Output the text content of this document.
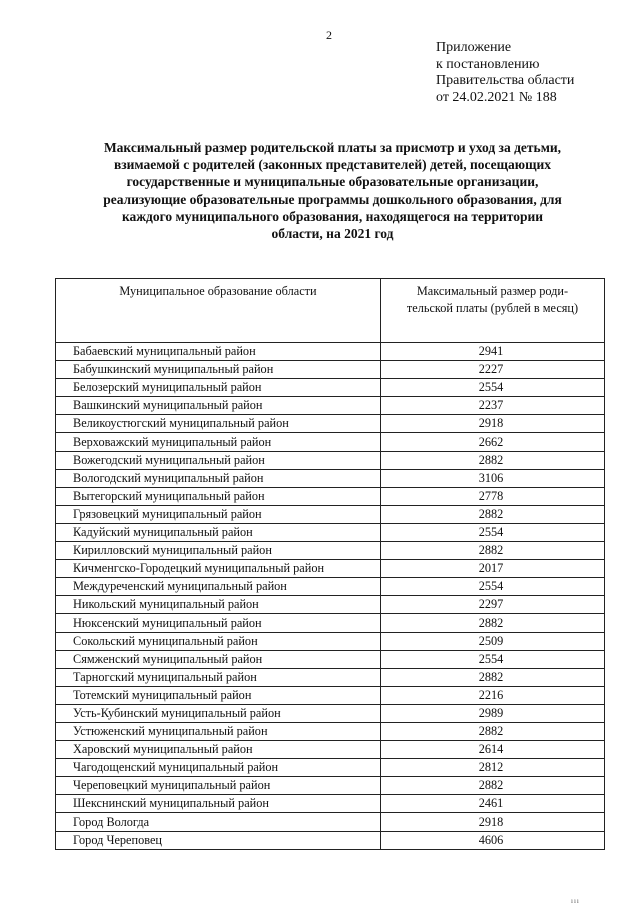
2
Приложение
к постановлению
Правительства области
от 24.02.2021 № 188
Максимальный размер родительской платы за присмотр и уход за детьми,
взимаемой с родителей (законных представителей) детей, посещающих
государственные и муниципальные образовательные организации,
реализующие образовательные программы дошкольного образования, для
каждого муниципального образования, находящегося на территории
области, на 2021 год
Муниципальное образование области	Максимальный размер роди-
тельской платы (рублей в месяц)

Бабаевский муниципальный район	2941
Бабушкинский муниципальный район	2227
Белозерский муниципальный район	2554
Вашкинский муниципальный район	2237
Великоустюгский муниципальный район	2918
Верховажский муниципальный район	2662
Вожегодский муниципальный район	2882
Вологодский муниципальный район	3106
Вытегорский муниципальный район	2778
Грязовецкий муниципальный район	2882
Кадуйский муниципальный район	2554
Кирилловский муниципальный район	2882
Кичменгско-Городецкий муниципальный район	2017
Междуреченский муниципальный район	2554
Никольский муниципальный район	2297
Нюксенский муниципальный район	2882
Сокольский муниципальный район	2509
Сямженский муниципальный район	2554
Тарногский муниципальный район	2882
Тотемский муниципальный район	2216
Усть-Кубинский муниципальный район	2989
Устюженский муниципальный район	2882
Харовский муниципальный район	2614
Чагодощенский муниципальный район	2812
Череповецкий муниципальный район	2882
Шекснинский муниципальный район	2461
Город Вологда	2918
Город Череповец	4606
ııı
